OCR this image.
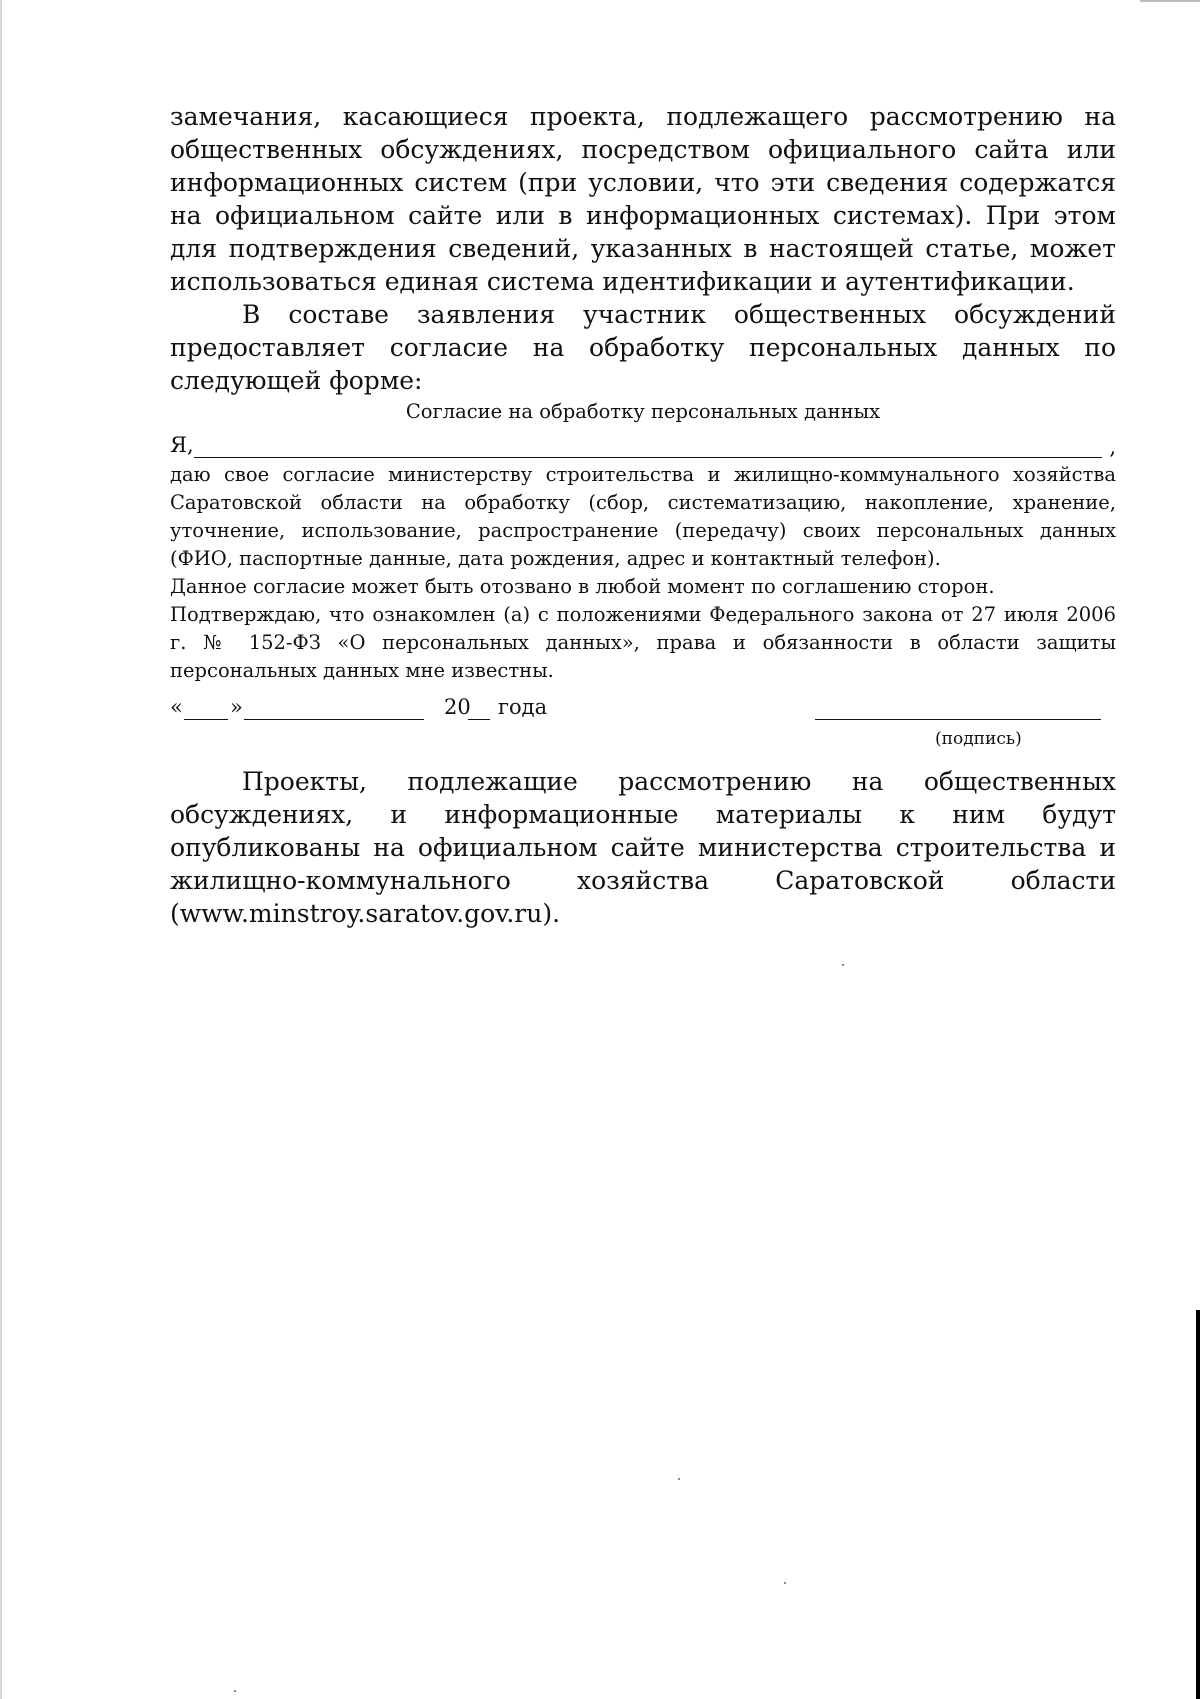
замечания, касающиеся проекта, подлежащего рассмотрению на общественных обсуждениях, посредством официального сайта или информационных систем (при условии, что эти сведения содержатся на официальном сайте или в информационных системах). При этом для подтверждения сведений, указанных в настоящей статье, может использоваться единая система идентификации и аутентификации.

В составе заявления участник общественных обсуждений предоставляет согласие на обработку персональных данных по следующей форме:

Согласие на обработку персональных данных

Я,	,

даю свое согласие министерству строительства и жилищно-коммунального хозяйства Саратовской области на обработку (сбор, систематизацию, накопление, хранение, уточнение, использование, распространение (передачу) своих персональных данных (ФИО, паспортные данные, дата рождения, адрес и контактный телефон).

Данное согласие может быть отозвано в любой момент по соглашению сторон.

Подтверждаю, что ознакомлен (а) с положениями Федерального закона от 27 июля 2006 г. № 152-ФЗ «О персональных данных», права и обязанности в области защиты персональных данных мне известны.

« »	20 года
(подпись)

Проекты, подлежащие рассмотрению на общественных обсуждениях, и информационные материалы к ним будут опубликованы на официальном сайте министерства строительства и жилищно-коммунального хозяйства Саратовской области (www.minstroy.saratov.gov.ru).
